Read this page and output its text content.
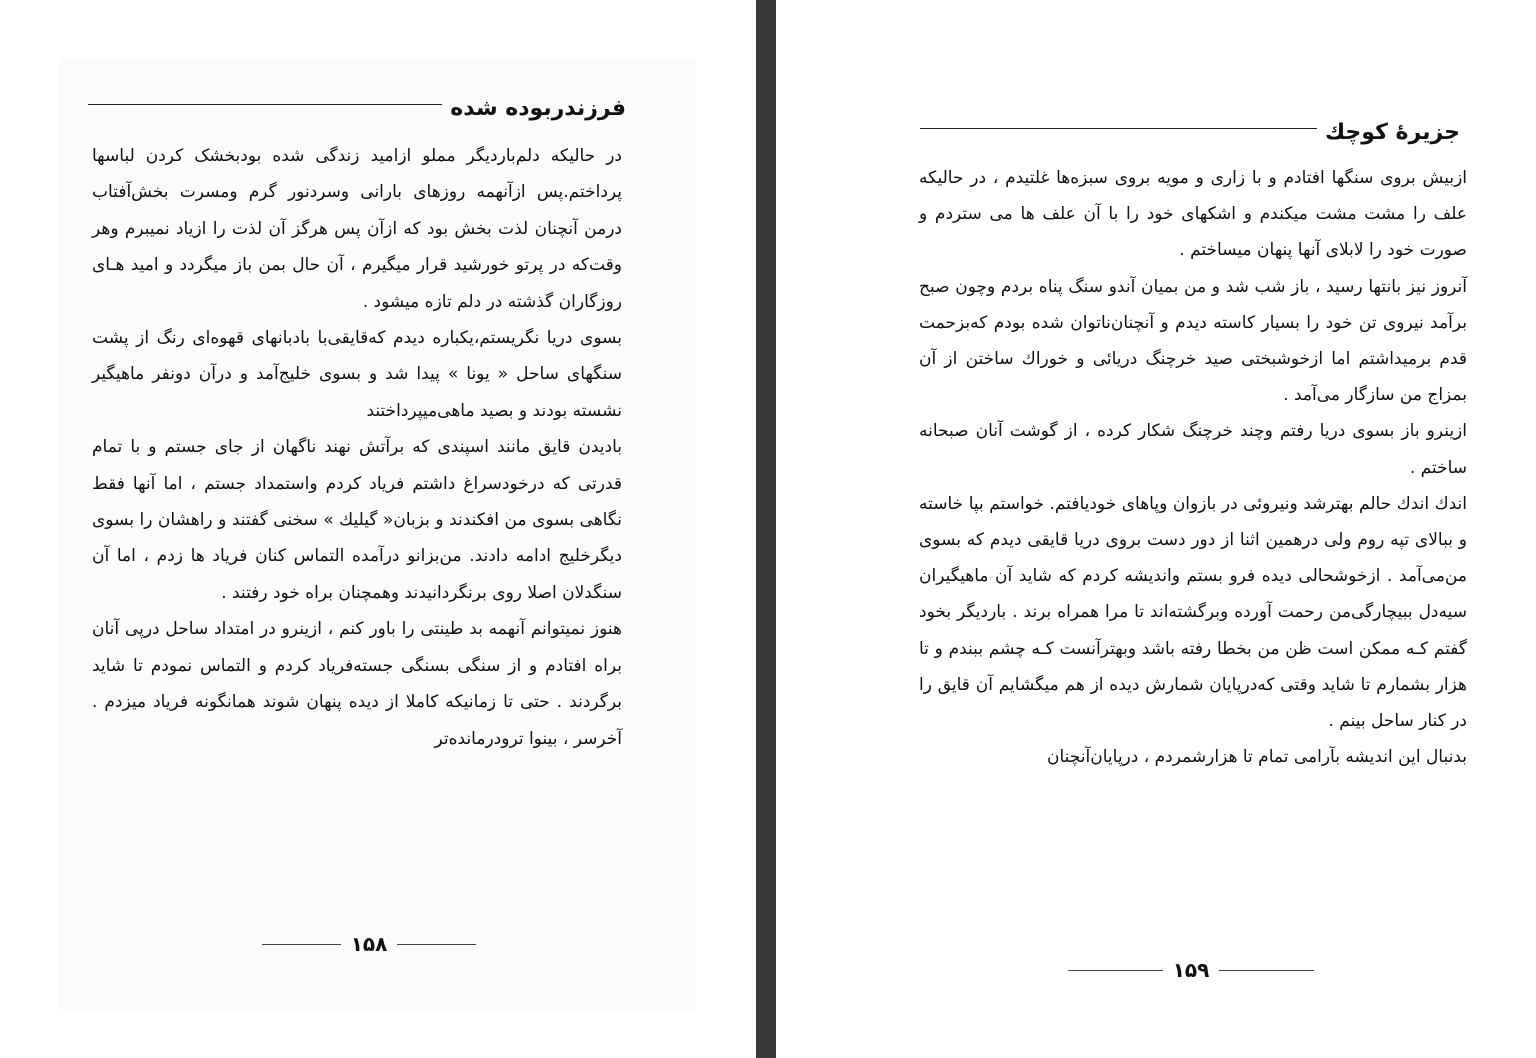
فرزندربوده شده

در حالیکه دلم‌باردیگر مملو ازامید زندگی شده بودبخشک کردن لباسها پرداختم‌.پس ازآنهمه روزهای بارانی وسردنور گرم ومسرت بخش‌آفتاب درمن آنچنان لذت بخش بود که ازآن پس هرگز آن لذت را ازیاد نمیبرم وهر وقت‌که در پرتو خورشید قرار میگیرم ، آن حال بمن باز میگردد و امید هـای روزگاران گذشته در دلم تازه میشود .

بسوی دریا نگریستم،یکباره دیدم که‌قایقی‌با بادبانهای قهوه‌ای رنگ از پشت سنگهای ساحل « یونا » پیدا شد و بسوی خلیج‌آمد و درآن دونفر ماهیگیر نشسته بودند و بصید ماهی‌میپرداختند

بادیدن قایق مانند اسپندی که برآتش نهند ناگهان از جای جستم و با تمام قدرتی که درخودسراغ داشتم فریاد کردم واستمداد جستم ، اما آنها فقط نگاهی بسوی من افکندند و بزبان« گیلیك » سخنی گفتند و راهشان را بسوی دیگرخلیج ادامه دادند. من‌بزانو درآمده التماس کنان فریاد ها زدم ، اما آن سنگدلان اصلا روی برنگردانیدند وهمچنان براه خود رفتند .

هنوز نمیتوانم آنهمه بد طینتی را باور کنم ، ازینرو در امتداد ساحل درپی آنان براه افتادم و از سنگی بسنگی جسته‌فریاد کردم و التماس نمودم تا شاید برگردند . حتی تا زمانیکه کاملا از دیده پنهان شوند همانگونه فریاد میزدم . آخرسر ، بینوا ترودرمانده‌تر

۱۵۸
جزیرهٔ کوچك

ازبیش بروی سنگها افتادم و با زاری و مویه بروی سبزه‌ها غلتیدم ، در حالیکه علف را مشت مشت میکندم و اشکهای خود را با آن علف ها می ستردم و صورت خود را لابلای آنها پنهان میساختم .

آنروز نیز بانتها رسید ، باز شب شد و من بمیان آندو سنگ پناه بردم وچون صبح برآمد نیروی تن خود را بسیار کاسته دیدم و آنچنان‌ناتوان شده بودم که‌بزحمت قدم برمیداشتم اما ازخوشبختی صید خرچنگ دریائی و خوراك ساختن از آن بمزاج من سازگار می‌آمد .

ازینرو باز بسوی دریا رفتم وچند خرچنگ شکار کرده ، از گوشت آنان صبحانه ساختم .

اندك اندك حالم بهترشد ونیروئی در بازوان وپاهای خودیافتم. خواستم بپا خاسته و ببالای تپه روم ولی درهمین اثنا از دور دست بروی دریا قایقی دیدم که بسوی من‌می‌آمد . ازخوشحالی دیده فرو بستم واندیشه کردم که شاید آن ماهیگیران سیه‌دل ببیچارگی‌من رحمت آورده وبرگشته‌اند تا مرا همراه برند . باردیگر بخود گفتم کـه ممکن است ظن من بخطا رفته باشد وبهترآنست کـه چشم ببندم و تا هزار بشمارم تا شاید وقتی که‌درپایان شمارش دیده از هم میگشایم آن قایق را در کنار ساحل بینم .

بدنبال این اندیشه بآرامی تمام تا هزارشمردم ، درپایان‌آنچنان

۱۵۹
